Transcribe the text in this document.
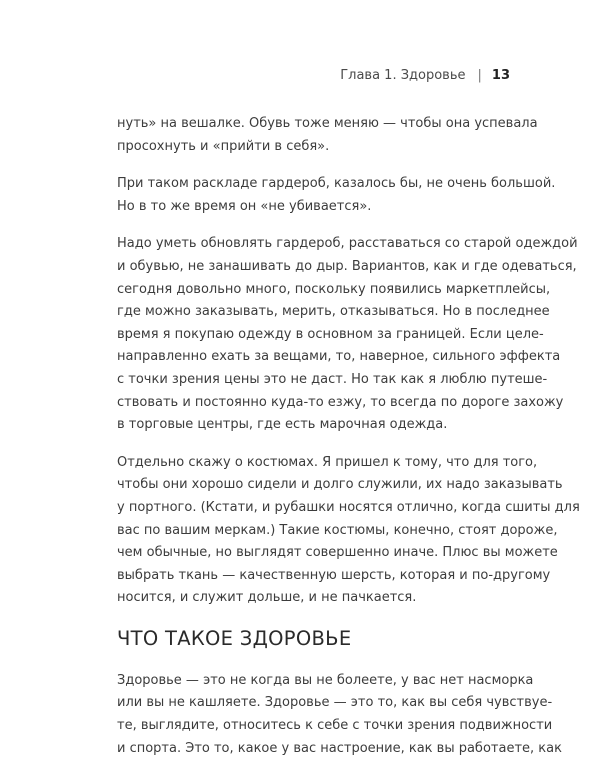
Глава 1. Здоровье | 13

нуть» на вешалке. Обувь тоже меняю — чтобы она успевала
просохнуть и «прийти в себя».

При таком раскладе гардероб, казалось бы, не очень большой.
Но в то же время он «не убивается».

Надо уметь обновлять гардероб, расставаться со старой одеждой
и обувью, не занашивать до дыр. Вариантов, как и где одеваться,
сегодня довольно много, поскольку появились маркетплейсы,
где можно заказывать, мерить, отказываться. Но в последнее
время я покупаю одежду в основном за границей. Если целе-
направленно ехать за вещами, то, наверное, сильного эффекта
с точки зрения цены это не даст. Но так как я люблю путеше-
ствовать и постоянно куда-то езжу, то всегда по дороге захожу
в торговые центры, где есть марочная одежда.

Отдельно скажу о костюмах. Я пришел к тому, что для того,
чтобы они хорошо сидели и долго служили, их надо заказывать
у портного. (Кстати, и рубашки носятся отлично, когда сшиты для
вас по вашим меркам.) Такие костюмы, конечно, стоят дороже,
чем обычные, но выглядят совершенно иначе. Плюс вы можете
выбрать ткань — качественную шерсть, которая и по-другому
носится, и служит дольше, и не пачкается.

ЧТО ТАКОЕ ЗДОРОВЬЕ

Здоровье — это не когда вы не болеете, у вас нет насморка
или вы не кашляете. Здоровье — это то, как вы себя чувствуе-
те, выглядите, относитесь к себе с точки зрения подвижности
и спорта. Это то, какое у вас настроение, как вы работаете, как
